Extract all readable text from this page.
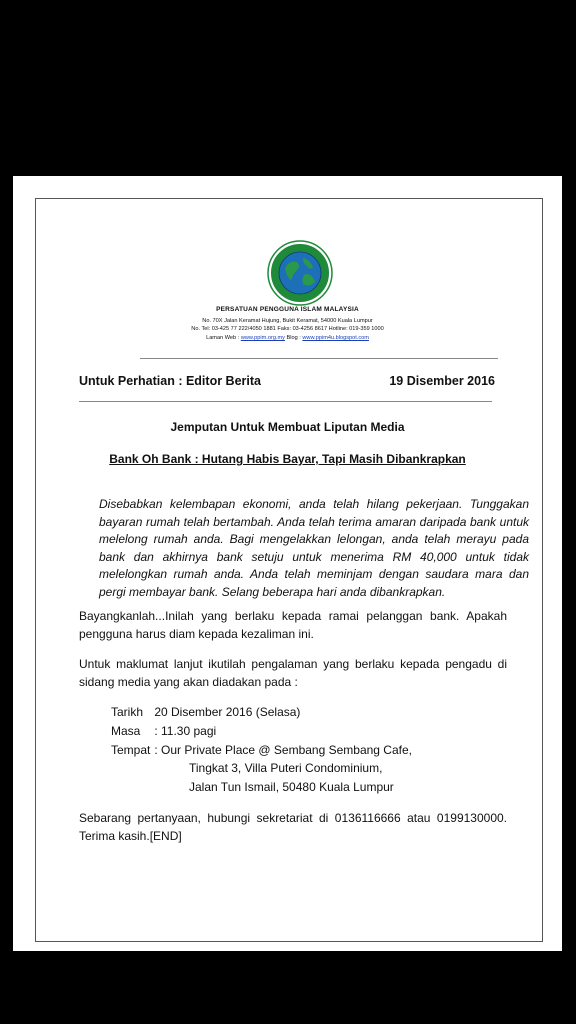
PERSATUAN PENGGUNA ISLAM MALAYSIA
No. 70X Jalan Keramat Hujung, Bukit Keramat, 54000 Kuala Lumpur
No. Tel: 03-425 77 222/4050 1881 Faks: 03-4256 8617 Hotline: 019-359 1000
Laman Web : www.ppim.org.my Blog : www.ppim4u.blogspot.com
Untuk Perhatian : Editor Berita	19 Disember 2016
Jemputan Untuk Membuat Liputan Media
Bank Oh Bank : Hutang Habis Bayar, Tapi Masih Dibankrapkan
Disebabkan kelembapan ekonomi, anda telah hilang pekerjaan. Tunggakan bayaran rumah telah bertambah. Anda telah terima amaran daripada bank untuk melelong rumah anda. Bagi mengelakkan lelongan, anda telah merayu pada bank dan akhirnya bank setuju untuk menerima RM 40,000 untuk tidak melelongkan rumah anda. Anda telah meminjam dengan saudara mara dan pergi membayar bank. Selang beberapa hari anda dibankrapkan.
Bayangkanlah...Inilah yang berlaku kepada ramai pelanggan bank. Apakah pengguna harus diam kepada kezaliman ini.
Untuk maklumat lanjut ikutilah pengalaman yang berlaku kepada pengadu di sidang media yang akan diadakan pada :
Tarikh 20 Disember 2016 (Selasa)
Masa : 11.30 pagi
Tempat : Our Private Place @ Sembang Sembang Cafe,
Tingkat 3, Villa Puteri Condominium,
Jalan Tun Ismail, 50480 Kuala Lumpur
Sebarang pertanyaan, hubungi sekretariat di 0136116666 atau 0199130000. Terima kasih.[END]
